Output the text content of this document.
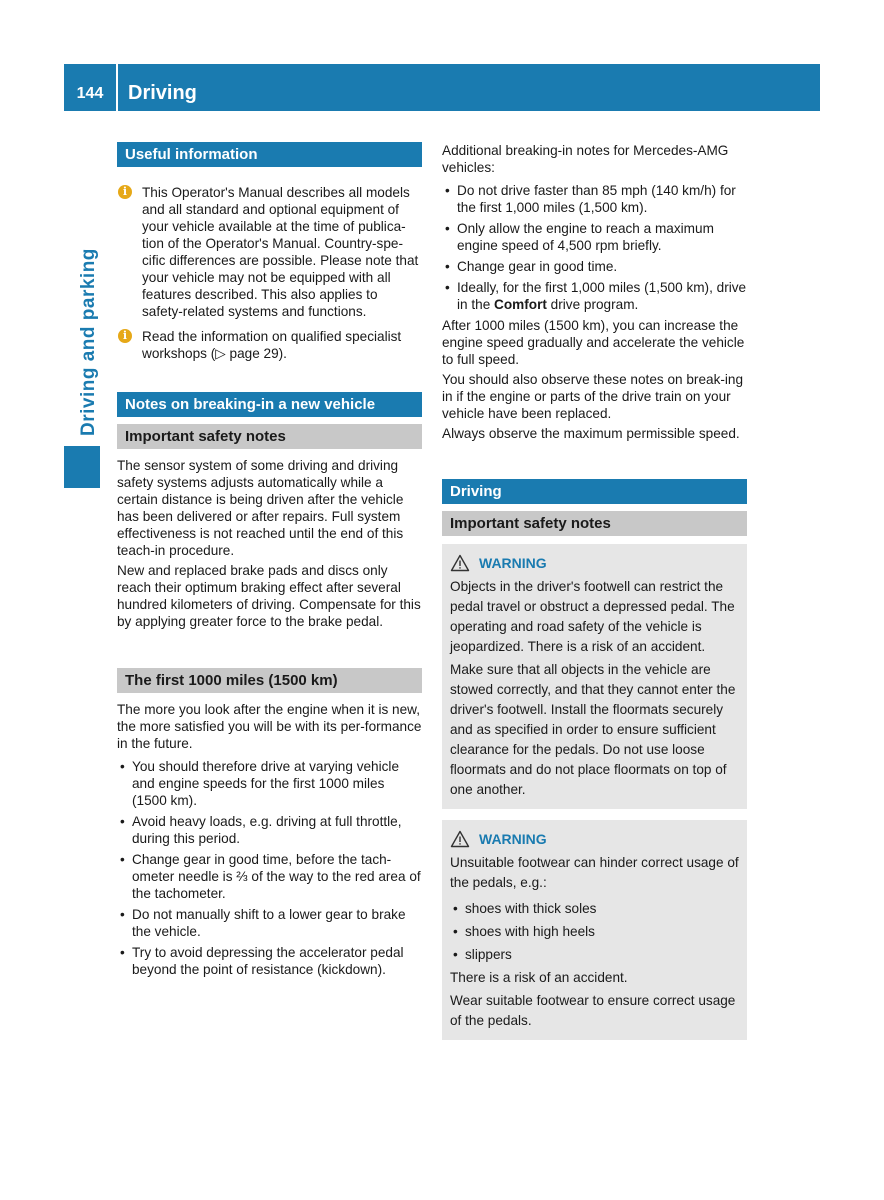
144	Driving
Driving and parking
Useful information
i	This Operator's Manual describes all models and all standard and optional equipment of your vehicle available at the time of publica-tion of the Operator's Manual. Country-spe-cific differences are possible. Please note that your vehicle may not be equipped with all features described. This also applies to safety-related systems and functions.
i	Read the information on qualified specialist workshops (▷ page 29).
Notes on breaking-in a new vehicle
Important safety notes

The sensor system of some driving and driving safety systems adjusts automatically while a certain distance is being driven after the vehicle has been delivered or after repairs. Full system effectiveness is not reached until the end of this teach-in procedure.

New and replaced brake pads and discs only reach their optimum braking effect after several hundred kilometers of driving. Compensate for this by applying greater force to the brake pedal.

The first 1000 miles (1500 km)

The more you look after the engine when it is new, the more satisfied you will be with its per-formance in the future.

• You should therefore drive at varying vehicle and engine speeds for the first 1000 miles (1500 km).
• Avoid heavy loads, e.g. driving at full throttle, during this period.
• Change gear in good time, before the tach-ometer needle is ⅔ of the way to the red area of the tachometer.
• Do not manually shift to a lower gear to brake the vehicle.
• Try to avoid depressing the accelerator pedal beyond the point of resistance (kickdown).

Additional breaking-in notes for Mercedes-AMG vehicles:

• Do not drive faster than 85 mph (140 km/h) for the first 1,000 miles (1,500 km).
• Only allow the engine to reach a maximum engine speed of 4,500 rpm briefly.
• Change gear in good time.
• Ideally, for the first 1,000 miles (1,500 km), drive in the Comfort drive program.

After 1000 miles (1500 km), you can increase the engine speed gradually and accelerate the vehicle to full speed.

You should also observe these notes on break-ing in if the engine or parts of the drive train on your vehicle have been replaced.

Always observe the maximum permissible speed.

Driving
Important safety notes
WARNING

Objects in the driver's footwell can restrict the pedal travel or obstruct a depressed pedal. The operating and road safety of the vehicle is jeopardized. There is a risk of an accident.

Make sure that all objects in the vehicle are stowed correctly, and that they cannot enter the driver's footwell. Install the floormats securely and as specified in order to ensure sufficient clearance for the pedals. Do not use loose floormats and do not place floormats on top of one another.

WARNING

Unsuitable footwear can hinder correct usage of the pedals, e.g.:

• shoes with thick soles
• shoes with high heels
• slippers

There is a risk of an accident.

Wear suitable footwear to ensure correct usage of the pedals.
